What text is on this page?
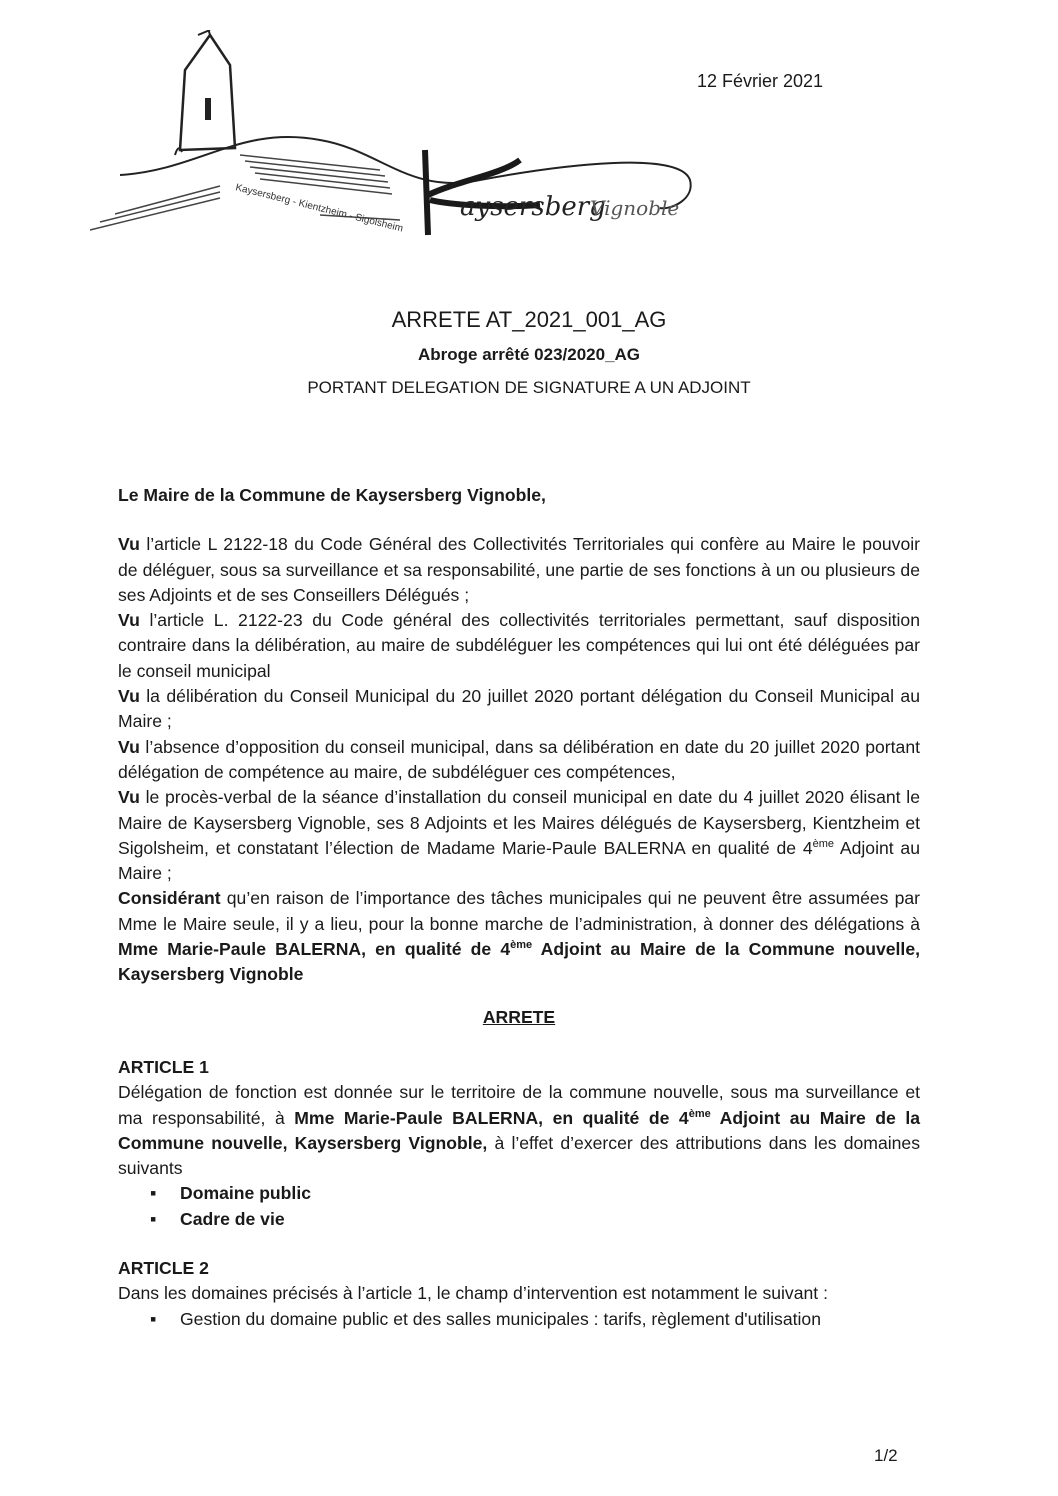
Kaysersberg - Kientzheim - Sigolsheim aysersberg
Vignoble
12 Février 2021
ARRETE AT_2021_001_AG

Abroge arrêté 023/2020_AG

PORTANT DELEGATION DE SIGNATURE A UN ADJOINT

Le Maire de la Commune de Kaysersberg Vignoble,

Vu l’article L 2122-18 du Code Général des Collectivités Territoriales qui confère au Maire le pouvoir de déléguer, sous sa surveillance et sa responsabilité, une partie de ses fonctions à un ou plusieurs de ses Adjoints et de ses Conseillers Délégués ;

Vu l’article L. 2122-23 du Code général des collectivités territoriales permettant, sauf disposition contraire dans la délibération, au maire de subdéléguer les compétences qui lui ont été déléguées par le conseil municipal

Vu la délibération du Conseil Municipal du 20 juillet 2020 portant délégation du Conseil Municipal au Maire ;

Vu l’absence d’opposition du conseil municipal, dans sa délibération en date du 20 juillet 2020 portant délégation de compétence au maire, de subdéléguer ces compétences,

Vu le procès-verbal de la séance d’installation du conseil municipal en date du 4 juillet 2020 élisant le Maire de Kaysersberg Vignoble, ses 8 Adjoints et les Maires délégués de Kaysersberg, Kientzheim et Sigolsheim, et constatant l’élection de Madame Marie-Paule BALERNA en qualité de 4ème Adjoint au Maire ;

Considérant qu’en raison de l’importance des tâches municipales qui ne peuvent être assumées par Mme le Maire seule, il y a lieu, pour la bonne marche de l’administration, à donner des délégations à Mme Marie-Paule BALERNA, en qualité de 4ème Adjoint au Maire de la Commune nouvelle, Kaysersberg Vignoble

ARRETE

ARTICLE 1

Délégation de fonction est donnée sur le territoire de la commune nouvelle, sous ma surveillance et ma responsabilité, à Mme Marie-Paule BALERNA, en qualité de 4ème Adjoint au Maire de la Commune nouvelle, Kaysersberg Vignoble, à l’effet d’exercer des attributions dans les domaines suivants

▪ Domaine public
▪ Cadre de vie

ARTICLE 2

Dans les domaines précisés à l’article 1, le champ d’intervention est notamment le suivant :

▪ Gestion du domaine public et des salles municipales : tarifs, règlement d'utilisation
1/2
